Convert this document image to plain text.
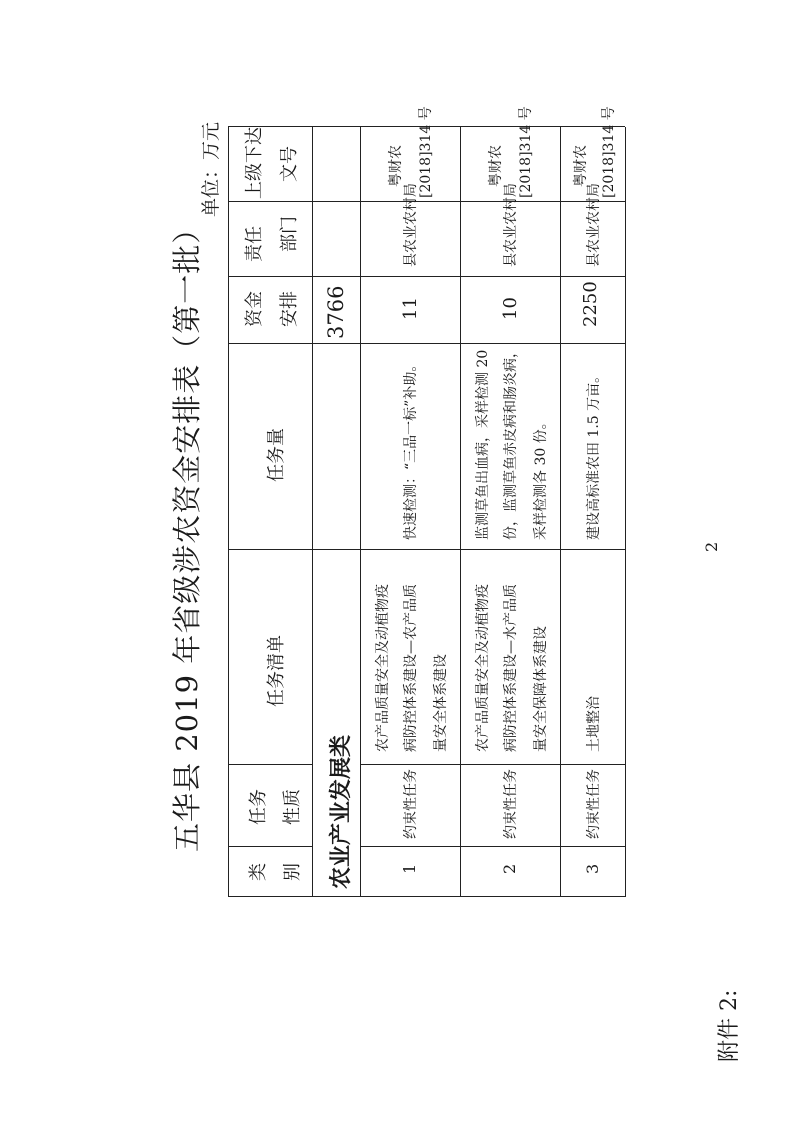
附件 2:
五华县 2019 年省级涉农资金安排表（第一批）
单位：万元
类 别
任务 性质
任务清单
任务量
资金 安排
责任 部门
上级下达 文号
农业产业发展类
3766
1
约束性任务
农产品质量安全及动植物疫 病防控体系建设—农产品质 量安全体系建设
快速检测：“三品一标”补助。
11
县农业农村局
粤财农 [2018]314 号
2
约束性任务
农产品质量安全及动植物疫 病防控体系建设—水产品质 量安全保障体系建设
监测草鱼出血病，采样检测 20 份，监测草鱼赤皮病和肠炎病， 采样检测各 30 份。
10
县农业农村局
粤财农 [2018]314 号
3
约束性任务
土地整治
建设高标准农田 1.5 万亩。
2250
县农业农村局
粤财农 [2018]314 号
2
